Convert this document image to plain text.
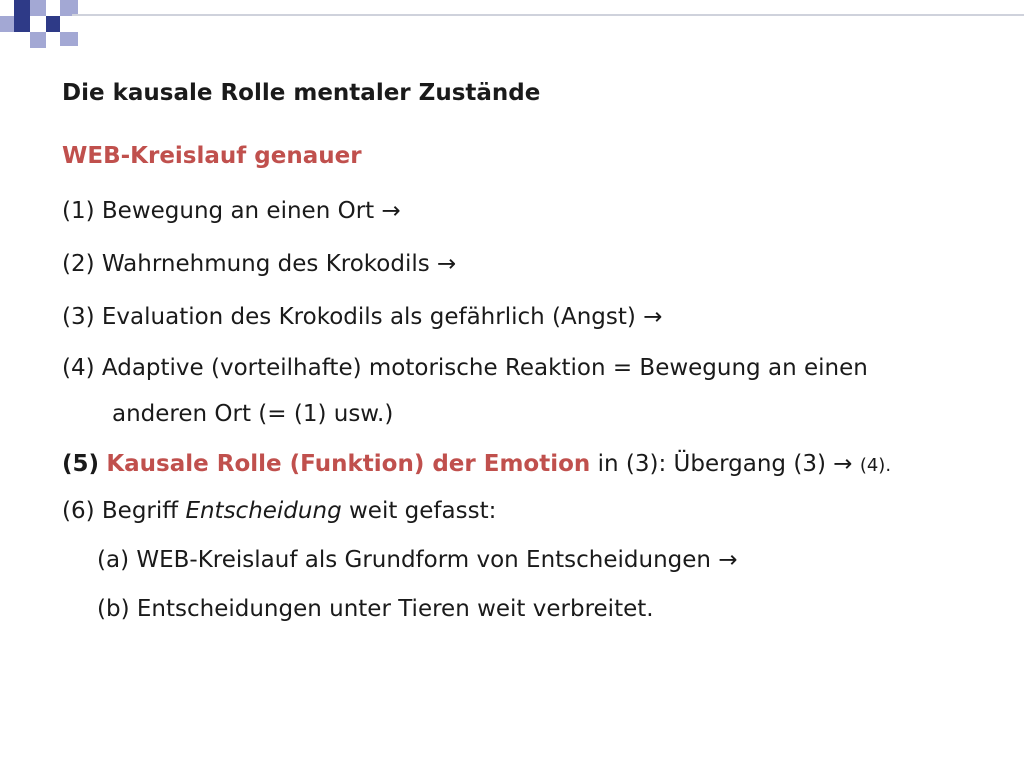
Die kausale Rolle mentaler Zustände
WEB-Kreislauf genauer
(1) Bewegung an einen Ort →
(2) Wahrnehmung des Krokodils →
(3) Evaluation des Krokodils als gefährlich (Angst) →
(4) Adaptive (vorteilhafte) motorische Reaktion = Bewegung an einen
anderen Ort (= (1) usw.)
(5) Kausale Rolle (Funktion) der Emotion in (3): Übergang (3) → (4).
(6) Begriff Entscheidung weit gefasst:
(a) WEB-Kreislauf als Grundform von Entscheidungen →
(b) Entscheidungen unter Tieren weit verbreitet.
